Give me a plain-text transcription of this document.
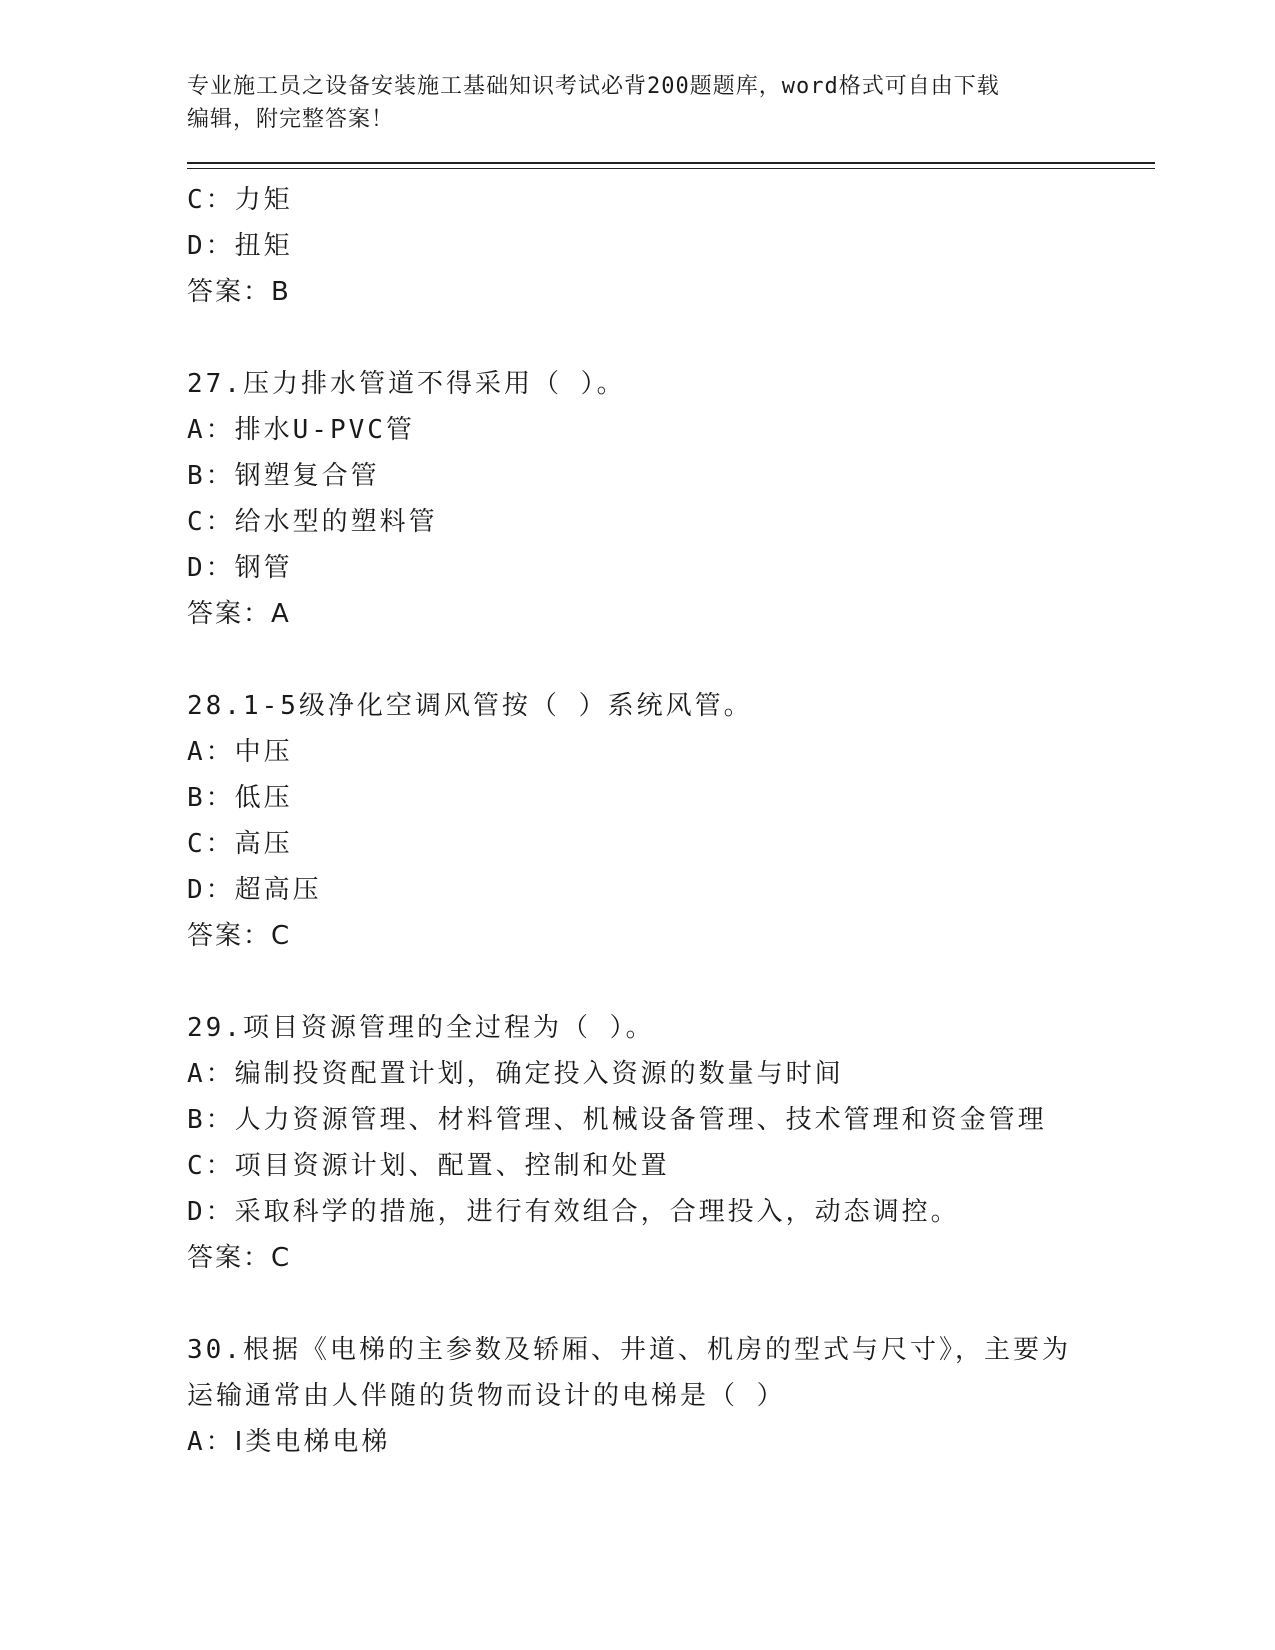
专业施工员之设备安装施工基础知识考试必背200题题库，word格式可自由下载
编辑，附完整答案！

C：力矩
D：扭矩
答案：B
27.压力排水管道不得采用（ ）。
A：排水U-PVC管
B：钢塑复合管
C：给水型的塑料管
D：钢管
答案：A
28.1-5级净化空调风管按（ ）系统风管。
A：中压
B：低压
C：高压
D：超高压
答案：C
29.项目资源管理的全过程为（ ）。
A：编制投资配置计划，确定投入资源的数量与时间
B：人力资源管理、材料管理、机械设备管理、技术管理和资金管理
C：项目资源计划、配置、控制和处置
D：采取科学的措施，进行有效组合，合理投入，动态调控。
答案：C
30.根据《电梯的主参数及轿厢、井道、机房的型式与尺寸》，主要为
运输通常由人伴随的货物而设计的电梯是（ ）
A：Ⅰ类电梯电梯
